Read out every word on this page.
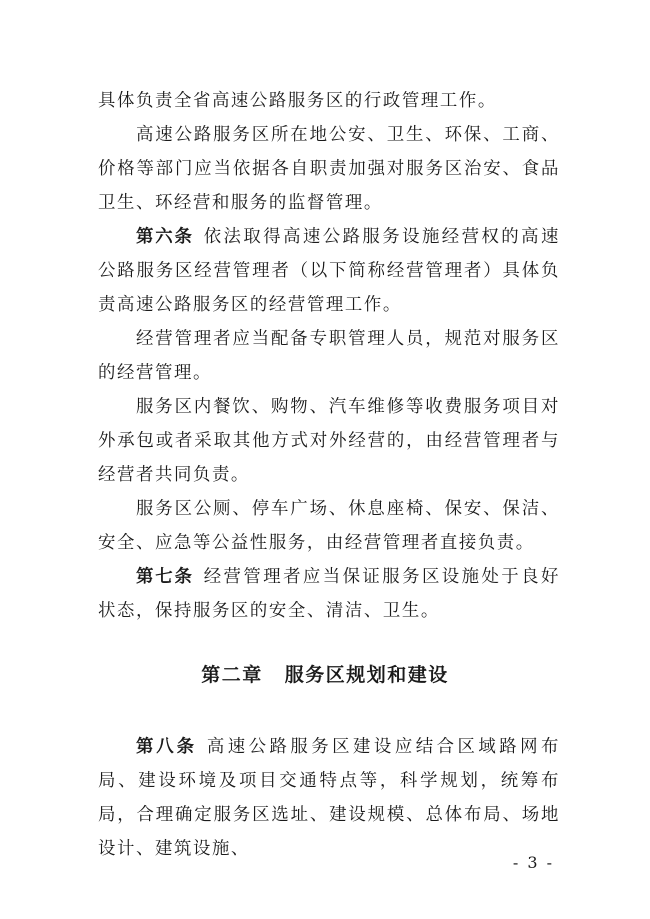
具体负责全省高速公路服务区的行政管理工作。

高速公路服务区所在地公安、卫生、环保、工商、价格等部门应当依据各自职责加强对服务区治安、食品卫生、环经营和服务的监督管理。

第六条 依法取得高速公路服务设施经营权的高速公路服务区经营管理者（以下简称经营管理者）具体负责高速公路服务区的经营管理工作。

经营管理者应当配备专职管理人员，规范对服务区的经营管理。

服务区内餐饮、购物、汽车维修等收费服务项目对外承包或者采取其他方式对外经营的，由经营管理者与经营者共同负责。

服务区公厕、停车广场、休息座椅、保安、保洁、安全、应急等公益性服务，由经营管理者直接负责。

第七条 经营管理者应当保证服务区设施处于良好状态，保持服务区的安全、清洁、卫生。

第二章 服务区规划和建设

第八条 高速公路服务区建设应结合区域路网布局、建设环境及项目交通特点等，科学规划，统筹布局，合理确定服务区选址、建设规模、总体布局、场地设计、建筑设施、

- 3 -
